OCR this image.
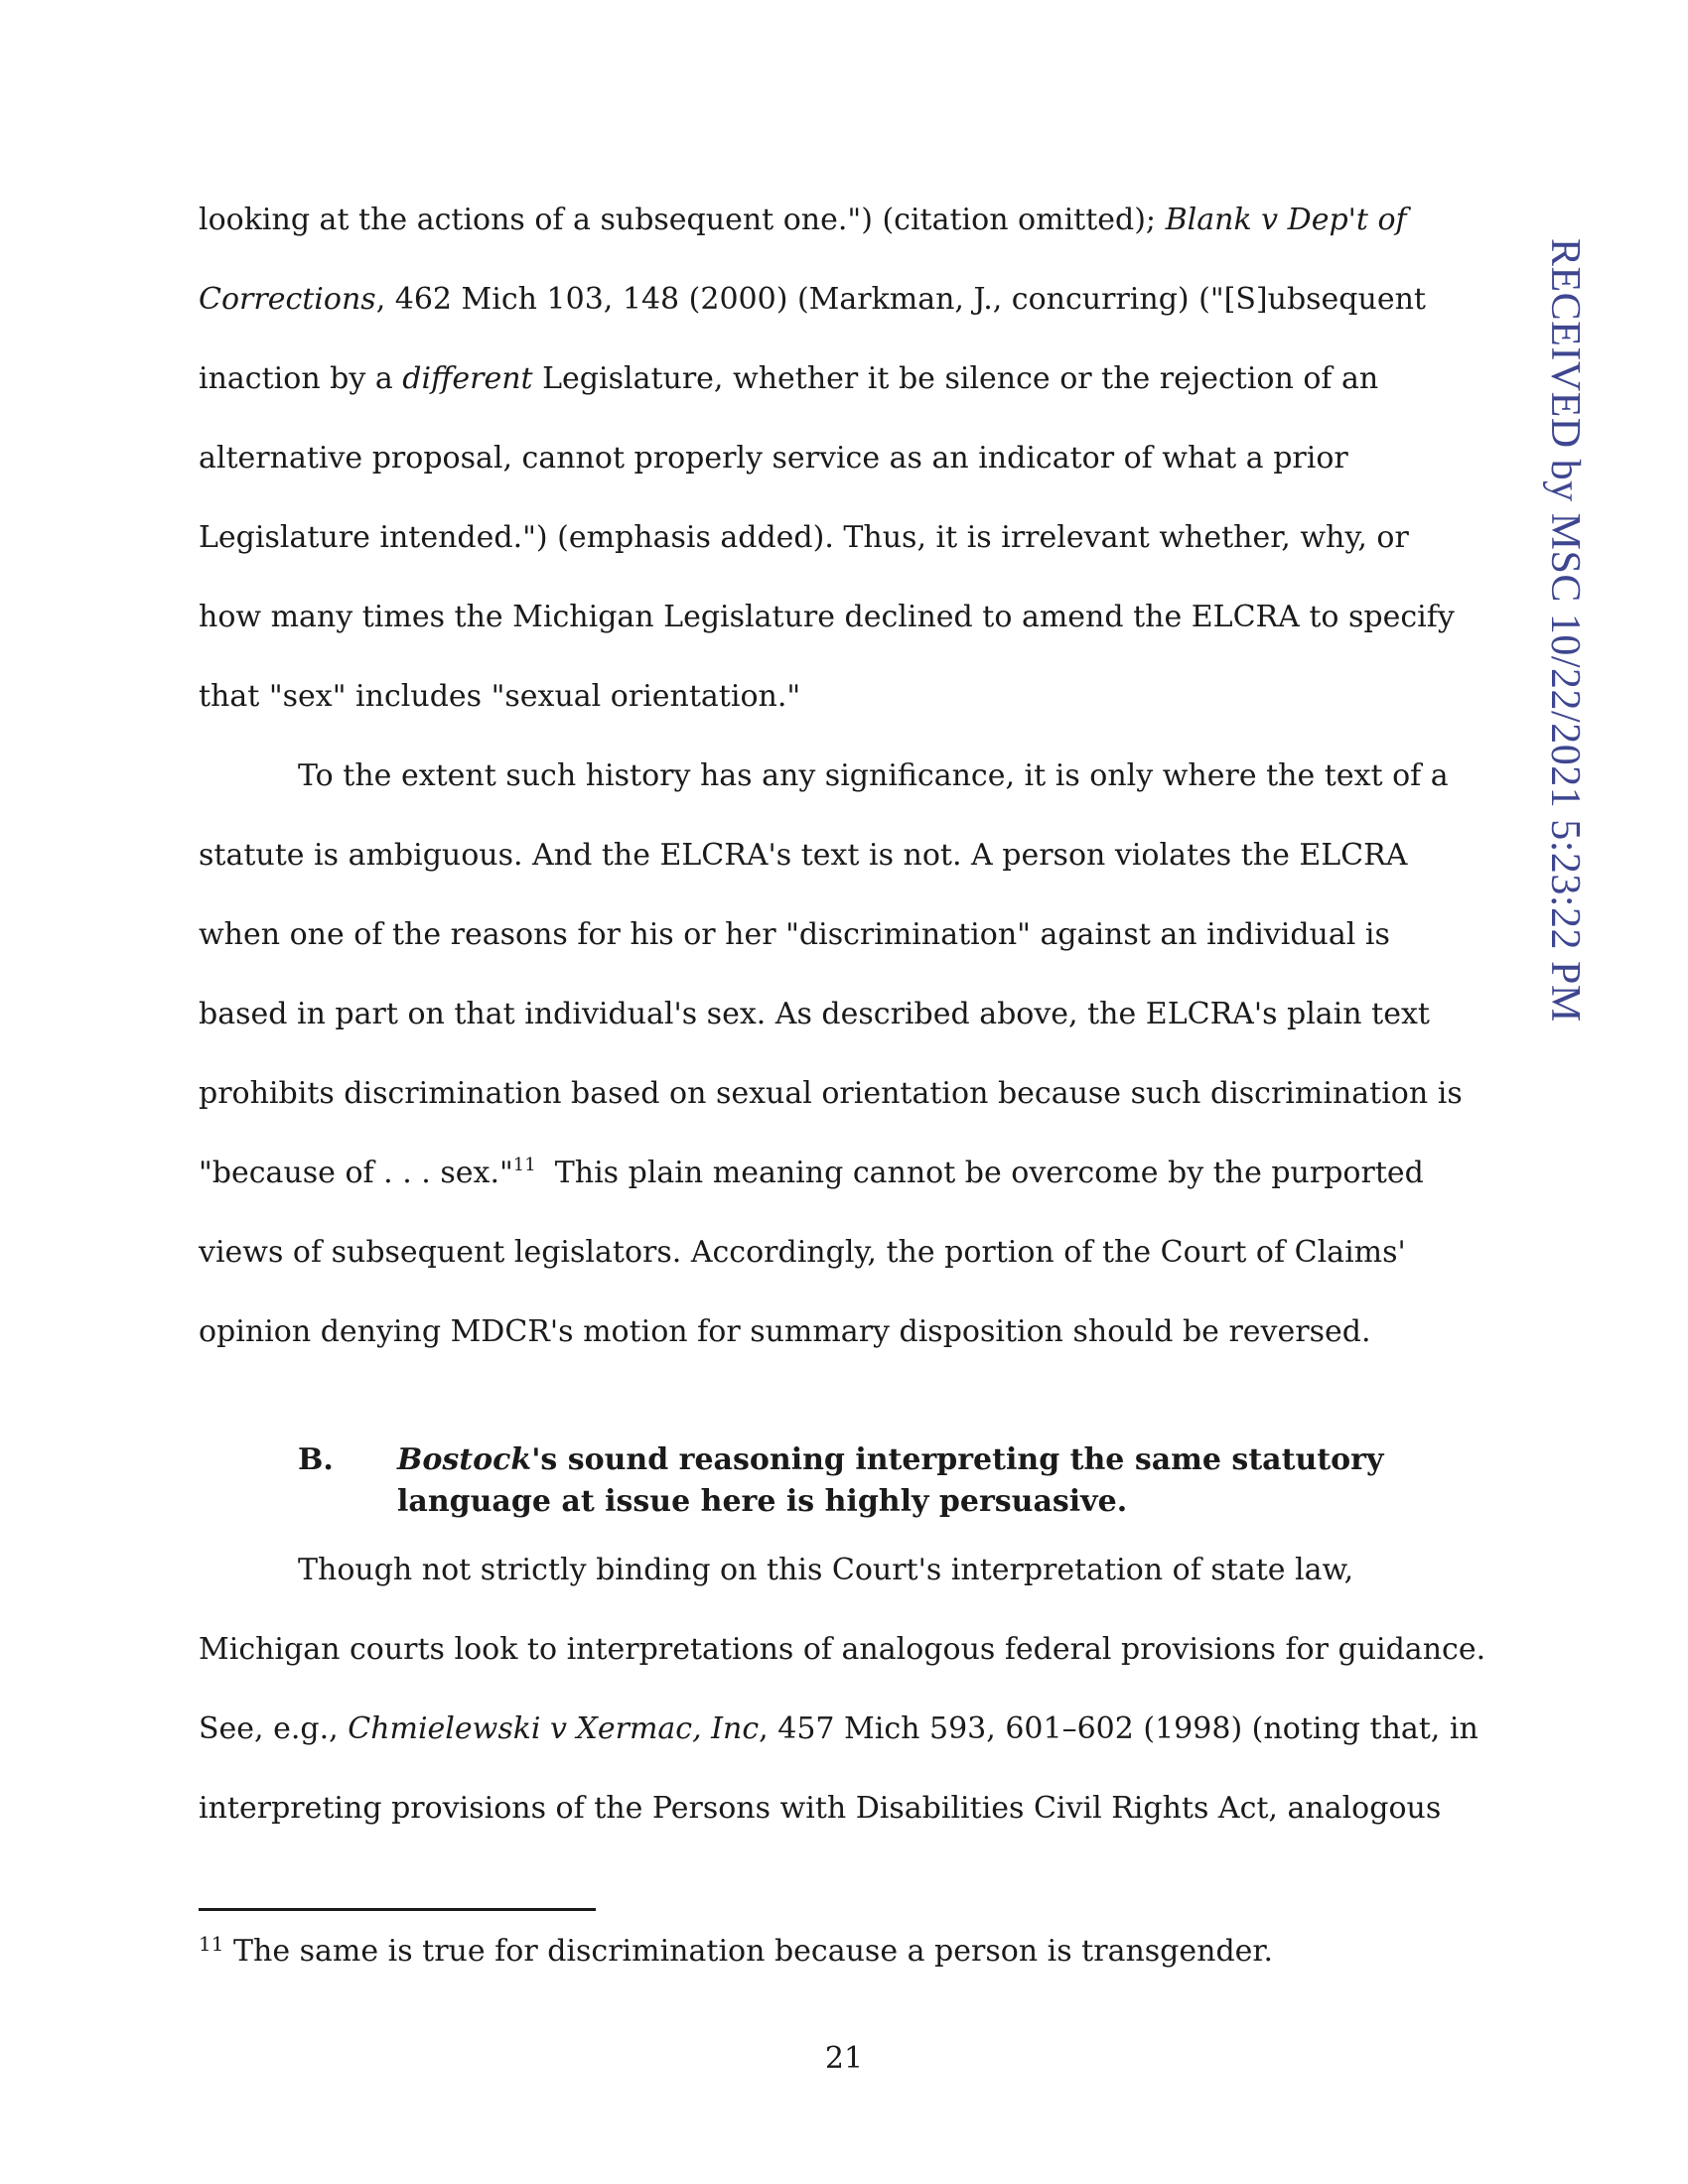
RECEIVED by MSC 10/22/2021 5:23:22 PM
looking at the actions of a subsequent one.") (citation omitted); Blank v Dep't of
Corrections, 462 Mich 103, 148 (2000) (Markman, J., concurring) ("[S]ubsequent
inaction by a different Legislature, whether it be silence or the rejection of an
alternative proposal, cannot properly service as an indicator of what a prior
Legislature intended.") (emphasis added). Thus, it is irrelevant whether, why, or
how many times the Michigan Legislature declined to amend the ELCRA to specify
that "sex" includes "sexual orientation."
To the extent such history has any significance, it is only where the text of a
statute is ambiguous. And the ELCRA's text is not. A person violates the ELCRA
when one of the reasons for his or her "discrimination" against an individual is
based in part on that individual's sex. As described above, the ELCRA's plain text
prohibits discrimination based on sexual orientation because such discrimination is
"because of . . . sex."$^{11}$  This plain meaning cannot be overcome by the purported
views of subsequent legislators. Accordingly, the portion of the Court of Claims'
opinion denying MDCR's motion for summary disposition should be reversed.
B.	Bostock's sound reasoning interpreting the same statutory
language at issue here is highly persuasive.
Though not strictly binding on this Court's interpretation of state law,
Michigan courts look to interpretations of analogous federal provisions for guidance.
See, e.g., Chmielewski v Xermac, Inc, 457 Mich 593, 601–602 (1998) (noting that, in
interpreting provisions of the Persons with Disabilities Civil Rights Act, analogous
$^{11}$ The same is true for discrimination because a person is transgender.
21
